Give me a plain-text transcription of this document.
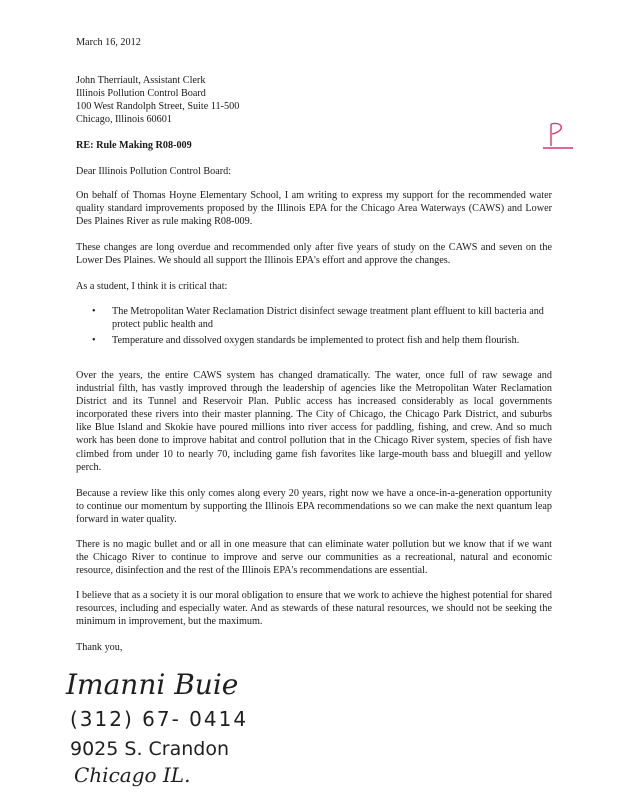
March 16, 2012
John Therriault, Assistant Clerk
Illinois Pollution Control Board
100 West Randolph Street, Suite 11-500
Chicago, Illinois 60601
RE: Rule Making R08-009
Dear Illinois Pollution Control Board:
On behalf of Thomas Hoyne Elementary School, I am writing to express my support for the recommended water quality standard improvements proposed by the Illinois EPA for the Chicago Area Waterways (CAWS) and Lower Des Plaines River as rule making R08-009.
These changes are long overdue and recommended only after five years of study on the CAWS and seven on the Lower Des Plaines. We should all support the Illinois EPA's effort and approve the changes.
As a student, I think it is critical that:
• The Metropolitan Water Reclamation District disinfect sewage treatment plant effluent to kill bacteria and protect public health and
• Temperature and dissolved oxygen standards be implemented to protect fish and help them flourish.
Over the years, the entire CAWS system has changed dramatically. The water, once full of raw sewage and industrial filth, has vastly improved through the leadership of agencies like the Metropolitan Water Reclamation District and its Tunnel and Reservoir Plan. Public access has increased considerably as local governments incorporated these rivers into their master planning. The City of Chicago, the Chicago Park District, and suburbs like Blue Island and Skokie have poured millions into river access for paddling, fishing, and crew. And so much work has been done to improve habitat and control pollution that in the Chicago River system, species of fish have climbed from under 10 to nearly 70, including game fish favorites like large-mouth bass and bluegill and yellow perch.
Because a review like this only comes along every 20 years, right now we have a once-in-a-generation opportunity to continue our momentum by supporting the Illinois EPA recommendations so we can make the next quantum leap forward in water quality.
There is no magic bullet and or all in one measure that can eliminate water pollution but we know that if we want the Chicago River to continue to improve and serve our communities as a recreational, natural and economic resource, disinfection and the rest of the Illinois EPA's recommendations are essential.
I believe that as a society it is our moral obligation to ensure that we work to achieve the highest potential for shared resources, including and especially water. And as stewards of these natural resources, we should not be seeking the minimum in improvement, but the maximum.
Thank you,
Imanni Buie
(312) 67- 0414
9025 S. Crandon
Chicago IL.
